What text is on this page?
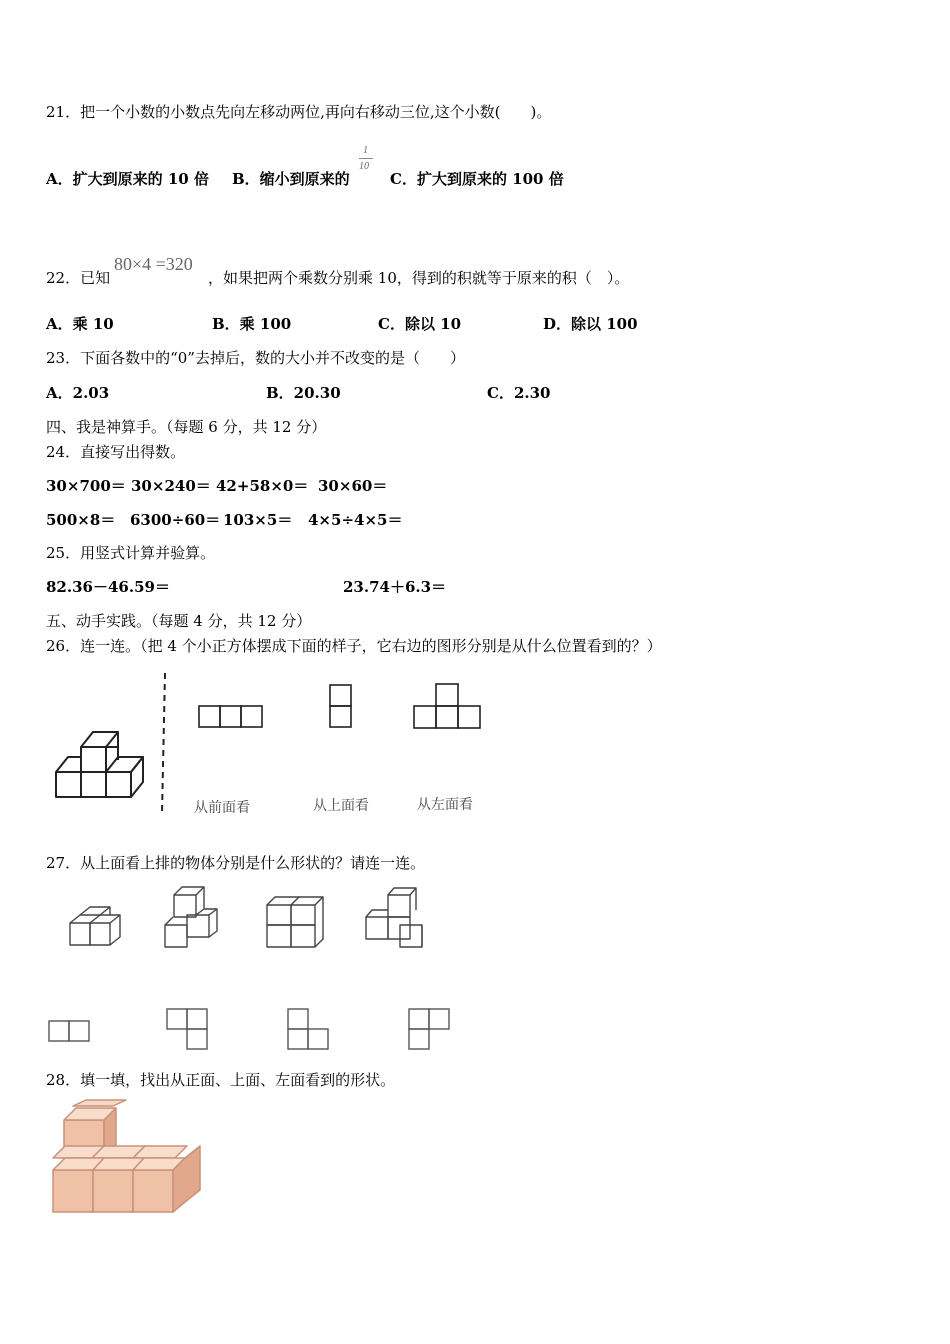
21．把一个小数的小数点先向左移动两位,再向右移动三位,这个小数(　　)。
A．扩大到原来的 10 倍 B．缩小到原来的
1
10
C．扩大到原来的 100 倍
22．已知
80×4 =320
，如果把两个乘数分别乘 10，得到的积就等于原来的积（　）。
A．乘 10	B．乘 100	C．除以 10	D．除以 100
23．下面各数中的“0”去掉后，数的大小并不改变的是（　　）
A．2.03	B．20.30	C．2.30
四、我是神算手。（每题 6 分，共 12 分）
24．直接写出得数。
30×700＝ 30×240＝ 42+58×0＝ 30×60＝
500×8＝ 6300÷60＝ 103×5＝ 4×5÷4×5＝
25．用竖式计算并验算。
82.36－46.59＝	23.74＋6.3＝
五、动手实践。（每题 4 分，共 12 分）
26．连一连。（把 4 个小正方体摆成下面的样子，它右边的图形分别是从什么位置看到的？）
从前面看	从上面看	从左面看
27．从上面看上排的物体分别是什么形状的？请连一连。
28．填一填，找出从正面、上面、左面看到的形状。
